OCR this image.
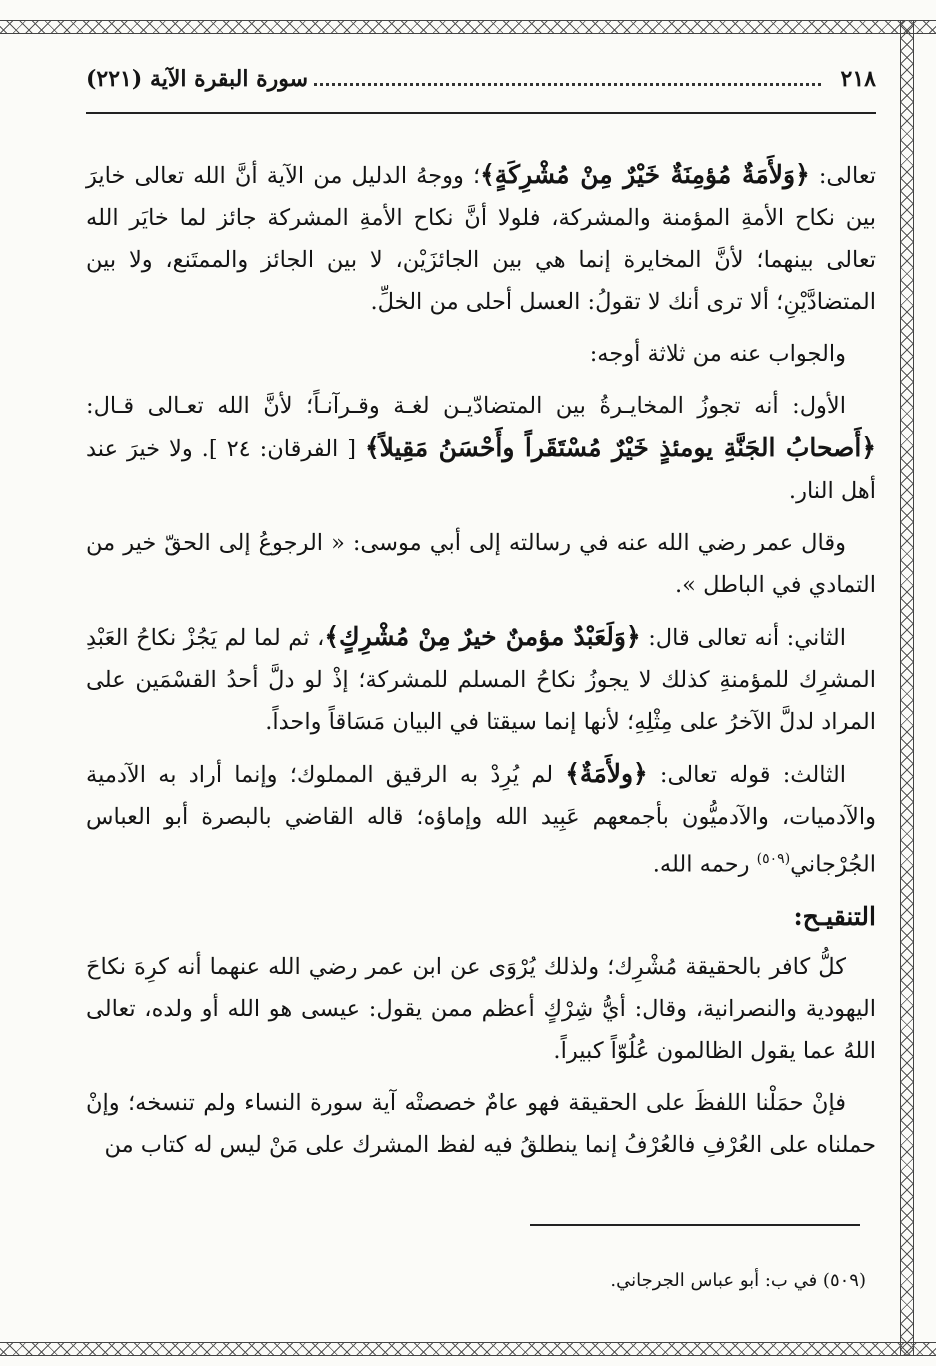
٢١٨
سورة البقرة الآية (٢٢١)

تعالى: ﴿وَلأَمَةٌ مُؤمِنَةٌ خَيْرٌ مِنْ مُشْرِكَةٍ﴾؛ ووجهُ الدليل من الآية أنَّ الله تعالى خايرَ بين نكاح الأمةِ المؤمنة والمشركة، فلولا أنَّ نكاح الأمةِ المشركة جائز لما خايَر الله تعالى بينهما؛ لأنَّ المخايرة إنما هي بين الجائزَيْن، لا بين الجائز والممتَنع، ولا بين المتضادَّيْنِ؛ ألا ترى أنك لا تقولُ: العسل أحلى من الخلِّ.

والجواب عنه من ثلاثة أوجه:

الأول: أنه تجوزُ المخايـرةُ بين المتضادّيـن لغـة وقـرآنـاً؛ لأنَّ الله تعـالى قـال: ﴿أَصحابُ الجَنَّةِ يومئذٍ خَيْرٌ مُسْتَقَراً وأَحْسَنُ مَقِيلاً﴾ [ الفرقان: ٢٤ ]. ولا خيرَ عند أهل النار.

وقال عمر رضي الله عنه في رسالته إلى أبي موسى: « الرجوعُ إلى الحقّ خير من التمادي في الباطل ».

الثاني: أنه تعالى قال: ﴿وَلَعَبْدٌ مؤمنٌ خيرٌ مِنْ مُشْرِكٍ﴾، ثم لما لم يَجُزْ نكاحُ العَبْدِ المشرِك للمؤمنةِ كذلك لا يجوزُ نكاحُ المسلم للمشركة؛ إذْ لو دلَّ أحدُ القسْمَين على المراد لدلَّ الآخرُ على مِثْلِهِ؛ لأنها إنما سيقتا في البيان مَسَاقاً واحداً.

الثالث: قوله تعالى: ﴿ولأَمَةٌ﴾ لم يُرِدْ به الرقيق المملوك؛ وإنما أراد به الآدمية والآدميات، والآدميُّون بأجمعهم عَبِيد الله وإماؤه؛ قاله القاضي بالبصرة أبو العباس الجُرْجاني$^{(٥٠٩)}$ رحمه الله.

التنقيـح:

كلُّ كافر بالحقيقة مُشْرِك؛ ولذلك يُرْوَى عن ابن عمر رضي الله عنهما أنه كرِهَ نكاحَ اليهودية والنصرانية، وقال: أيُّ شِرْكٍ أعظم ممن يقول: عيسى هو الله أو ولده، تعالى اللهُ عما يقول الظالمون عُلُوّاً كبيراً.

فإنْ حمَلْنا اللفظَ على الحقيقة فهو عامٌ خصصتْه آية سورة النساء ولم تنسخه؛ وإنْ حملناه على العُرْفِ فالعُرْفُ إنما ينطلقُ فيه لفظ المشرك على مَنْ ليس له كتاب من

(٥٠٩) في ب: أبو عباس الجرجاني.
